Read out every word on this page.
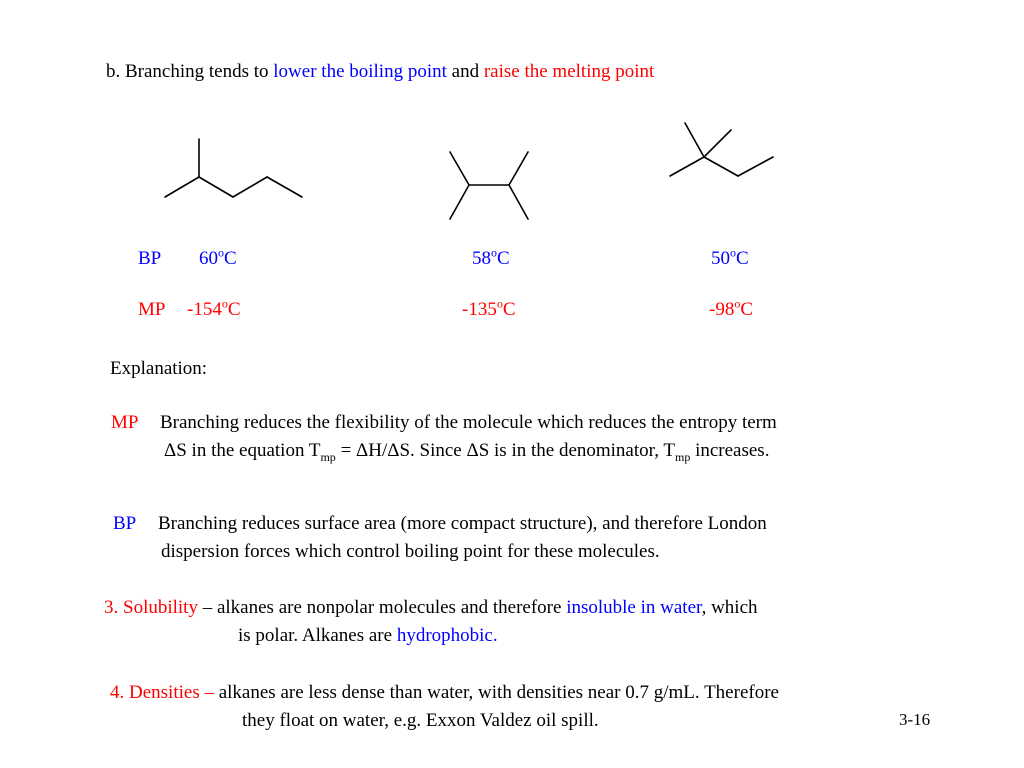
b. Branching tends to lower the boiling point and raise the melting point
BP 60$^o$C	58$^o$C	50$^o$C
MP -154$^o$C	-135$^o$C	-98$^o$C
Explanation:
MP Branching reduces the flexibility of the molecule which reduces the entropy term
ΔS in the equation $T_{mp} = \Delta H/\Delta S$. Since ΔS is in the denominator, $T_{mp}$ increases.
BP Branching reduces surface area (more compact structure), and therefore London
dispersion forces which control boiling point for these molecules.
3. Solubility – alkanes are nonpolar molecules and therefore insoluble in water, which
is polar. Alkanes are hydrophobic.
4. Densities – alkanes are less dense than water, with densities near 0.7 g/mL. Therefore
they float on water, e.g. Exxon Valdez oil spill.	3-16
